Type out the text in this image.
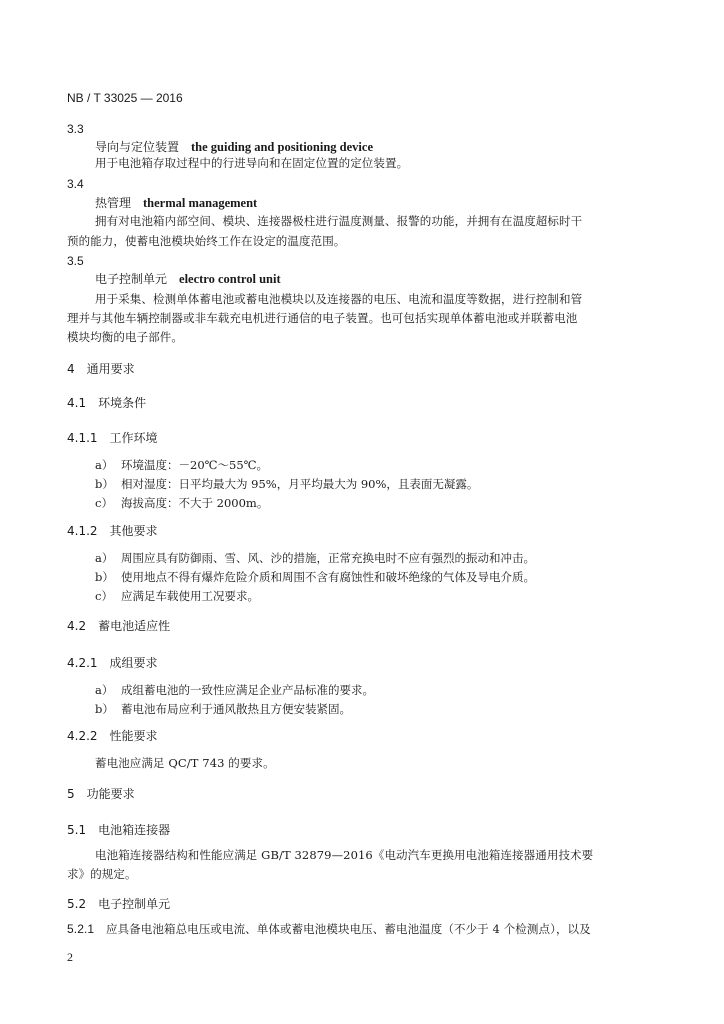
NB / T 33025 — 2016
3.3
导向与定位装置 the guiding and positioning device
用于电池箱存取过程中的行进导向和在固定位置的定位装置。
3.4
热管理 thermal management
拥有对电池箱内部空间、模块、连接器极柱进行温度测量、报警的功能，并拥有在温度超标时干
预的能力，使蓄电池模块始终工作在设定的温度范围。
3.5
电子控制单元 electro control unit
用于采集、检测单体蓄电池或蓄电池模块以及连接器的电压、电流和温度等数据，进行控制和管
理并与其他车辆控制器或非车载充电机进行通信的电子装置。也可包括实现单体蓄电池或并联蓄电池
模块均衡的电子部件。
4　通用要求
4.1　环境条件
4.1.1　工作环境
a） 环境温度：－20℃～55℃。
b） 相对湿度：日平均最大为 95%，月平均最大为 90%，且表面无凝露。
c） 海拔高度：不大于 2000m。
4.1.2　其他要求
a） 周围应具有防御雨、雪、风、沙的措施，正常充换电时不应有强烈的振动和冲击。
b） 使用地点不得有爆炸危险介质和周围不含有腐蚀性和破坏绝缘的气体及导电介质。
c） 应满足车载使用工况要求。
4.2　蓄电池适应性
4.2.1　成组要求
a） 成组蓄电池的一致性应满足企业产品标准的要求。
b） 蓄电池布局应利于通风散热且方便安装紧固。
4.2.2　性能要求
蓄电池应满足 QC/T 743 的要求。
5　功能要求
5.1　电池箱连接器
电池箱连接器结构和性能应满足 GB/T 32879—2016《电动汽车更换用电池箱连接器通用技术要
求》的规定。
5.2　电子控制单元
5.2.1 应具备电池箱总电压或电流、单体或蓄电池模块电压、蓄电池温度（不少于 4 个检测点），以及
2
